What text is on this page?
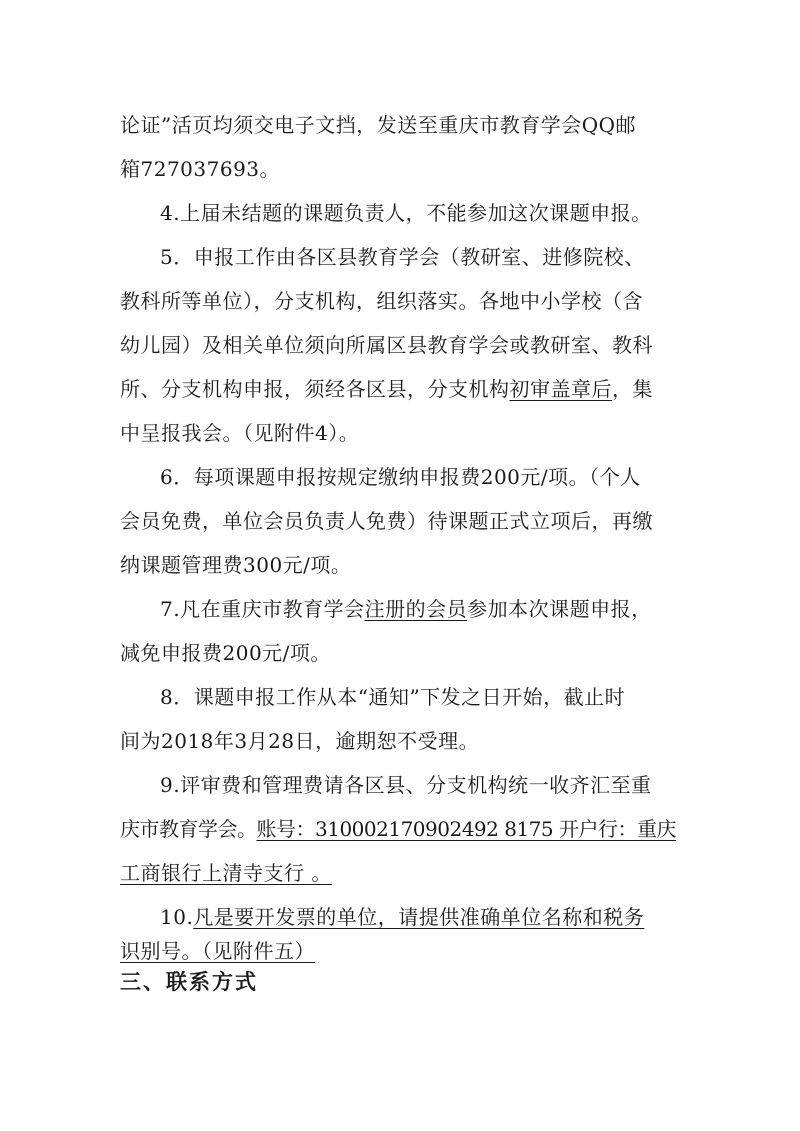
论证”活页均须交电子文挡，发送至重庆市教育学会QQ邮
箱727037693。
4.上届未结题的课题负责人，不能参加这次课题申报。
5．申报工作由各区县教育学会（教研室、进修院校、
教科所等单位），分支机构，组织落实。各地中小学校（含
幼儿园）及相关单位须向所属区县教育学会或教研室、教科
所、分支机构申报，须经各区县，分支机构初审盖章后，集
中呈报我会。（见附件4）。
6．每项课题申报按规定缴纳申报费200元/项。（个人
会员免费，单位会员负责人免费）待课题正式立项后，再缴
纳课题管理费300元/项。
7.凡在重庆市教育学会注册的会员参加本次课题申报，
减免申报费200元/项。
8．课题申报工作从本“通知”下发之日开始，截止时
间为2018年3月28日，逾期恕不受理。
9.评审费和管理费请各区县、分支机构统一收齐汇至重
庆市教育学会。账号：310002170902492 8175 开户行：重庆
工商银行上清寺支行 。
10.凡是要开发票的单位，请提供准确单位名称和税务
识别号。（见附件五）
三、联系方式
